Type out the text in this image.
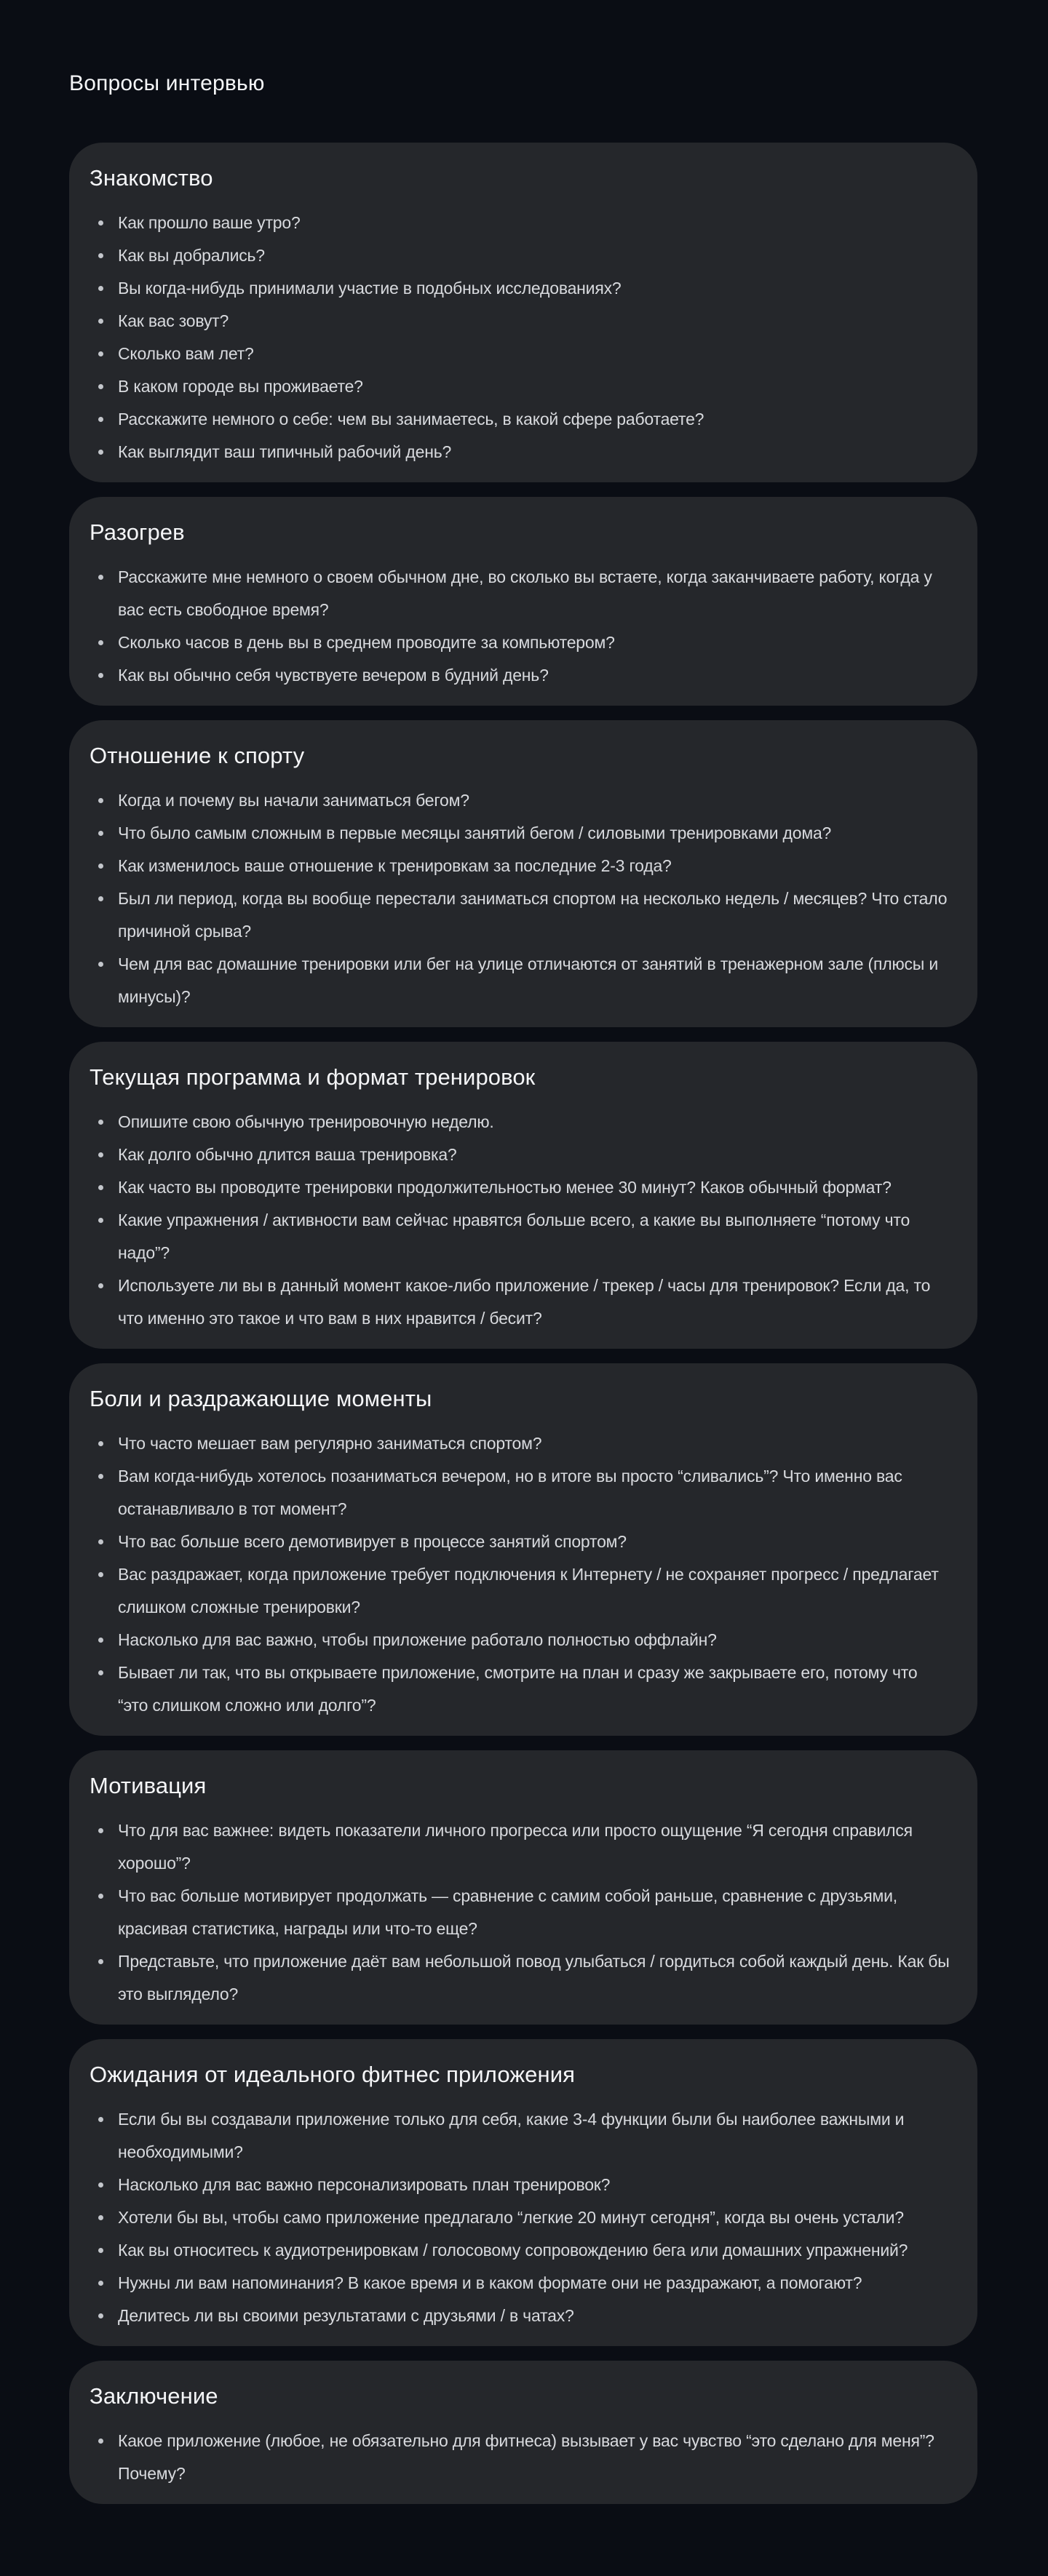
Вопросы интервью
Знакомство
Как прошло ваше утро?
Как вы добрались?
Вы когда-нибудь принимали участие в подобных исследованиях?
Как вас зовут?
Сколько вам лет?
В каком городе вы проживаете?
Расскажите немного о себе: чем вы занимаетесь, в какой сфере работаете?
Как выглядит ваш типичный рабочий день?
Разогрев
Расскажите мне немного о своем обычном дне, во сколько вы встаете, когда заканчиваете работу, когда у вас есть свободное время?
Сколько часов в день вы в среднем проводите за компьютером?
Как вы обычно себя чувствуете вечером в будний день?
Отношение к спорту
Когда и почему вы начали заниматься бегом?
Что было самым сложным в первые месяцы занятий бегом / силовыми тренировками дома?
Как изменилось ваше отношение к тренировкам за последние 2-3 года?
Был ли период, когда вы вообще перестали заниматься спортом на несколько недель / месяцев? Что стало причиной срыва?
Чем для вас домашние тренировки или бег на улице отличаются от занятий в тренажерном зале (плюсы и минусы)?
Текущая программа и формат тренировок
Опишите свою обычную тренировочную неделю.
Как долго обычно длится ваша тренировка?
Как часто вы проводите тренировки продолжительностью менее 30 минут? Каков обычный формат?
Какие упражнения / активности вам сейчас нравятся больше всего, а какие вы выполняете “потому что надо”?
Используете ли вы в данный момент какое-либо приложение / трекер / часы для тренировок? Если да, то что именно это такое и что вам в них нравится / бесит?
Боли и раздражающие моменты
Что часто мешает вам регулярно заниматься спортом?
Вам когда-нибудь хотелось позаниматься вечером, но в итоге вы просто “сливались”? Что именно вас останавливало в тот момент?
Что вас больше всего демотивирует в процессе занятий спортом?
Вас раздражает, когда приложение требует подключения к Интернету / не сохраняет прогресс / предлагает слишком сложные тренировки?
Насколько для вас важно, чтобы приложение работало полностью оффлайн?
Бывает ли так, что вы открываете приложение, смотрите на план и сразу же закрываете его, потому что “это слишком сложно или долго”?
Мотивация
Что для вас важнее: видеть показатели личного прогресса или просто ощущение “Я сегодня справился хорошо”?
Что вас больше мотивирует продолжать — сравнение с самим собой раньше, сравнение с друзьями, красивая статистика, награды или что-то еще?
Представьте, что приложение даёт вам небольшой повод улыбаться / гордиться собой каждый день. Как бы это выглядело?
Ожидания от идеального фитнес приложения
Если бы вы создавали приложение только для себя, какие 3-4 функции были бы наиболее важными и необходимыми?
Насколько для вас важно персонализировать план тренировок?
Хотели бы вы, чтобы само приложение предлагало “легкие 20 минут сегодня”, когда вы очень устали?
Как вы относитесь к аудиотренировкам / голосовому сопровождению бега или домашних упражнений?
Нужны ли вам напоминания? В какое время и в каком формате они не раздражают, а помогают?
Делитесь ли вы своими результатами с друзьями / в чатах?
Заключение
Какое приложение (любое, не обязательно для фитнеса) вызывает у вас чувство “это сделано для меня”? Почему?
